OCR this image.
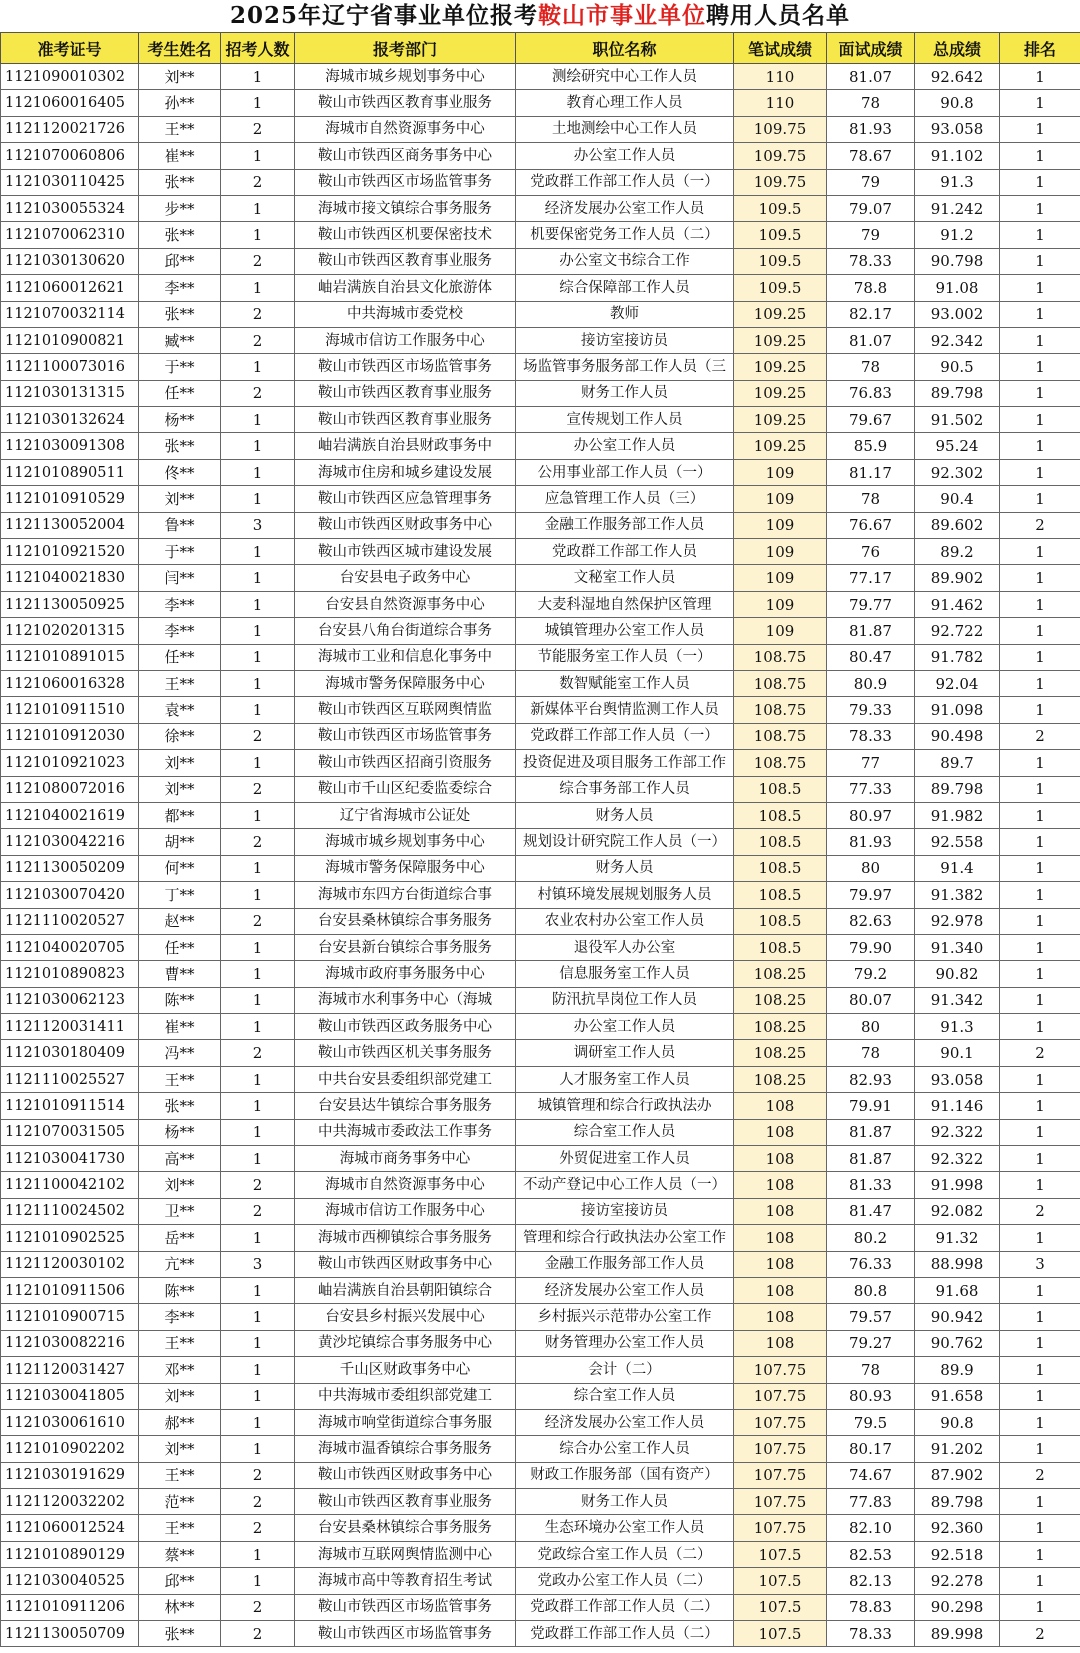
2025年辽宁省事业单位报考鞍山市事业单位聘用人员名单
准考证号	考生姓名	招考人数	报考部门	职位名称	笔试成绩	面试成绩	总成绩	排名
1121090010302	刘**	1	海城市城乡规划事务中心	测绘研究中心工作人员	110	81.07	92.642	1
1121060016405	孙**	1	鞍山市铁西区教育事业服务	教育心理工作人员	110	78	90.8	1
1121120021726	王**	2	海城市自然资源事务中心	土地测绘中心工作人员	109.75	81.93	93.058	1
1121070060806	崔**	1	鞍山市铁西区商务事务中心	办公室工作人员	109.75	78.67	91.102	1
1121030110425	张**	2	鞍山市铁西区市场监管事务	党政群工作部工作人员（一）	109.75	79	91.3	1
1121030055324	步**	1	海城市接文镇综合事务服务	经济发展办公室工作人员	109.5	79.07	91.242	1
1121070062310	张**	1	鞍山市铁西区机要保密技术	机要保密党务工作人员（二）	109.5	79	91.2	1
1121030130620	邱**	2	鞍山市铁西区教育事业服务	办公室文书综合工作	109.5	78.33	90.798	1
1121060012621	李**	1	岫岩满族自治县文化旅游体	综合保障部工作人员	109.5	78.8	91.08	1
1121070032114	张**	2	中共海城市委党校	教师	109.25	82.17	93.002	1
1121010900821	臧**	2	海城市信访工作服务中心	接访室接访员	109.25	81.07	92.342	1
1121100073016	于**	1	鞍山市铁西区市场监管事务	场监管事务服务部工作人员（三	109.25	78	90.5	1
1121030131315	任**	2	鞍山市铁西区教育事业服务	财务工作人员	109.25	76.83	89.798	1
1121030132624	杨**	1	鞍山市铁西区教育事业服务	宣传规划工作人员	109.25	79.67	91.502	1
1121030091308	张**	1	岫岩满族自治县财政事务中	办公室工作人员	109.25	85.9	95.24	1
1121010890511	佟**	1	海城市住房和城乡建设发展	公用事业部工作人员（一）	109	81.17	92.302	1
1121010910529	刘**	1	鞍山市铁西区应急管理事务	应急管理工作人员（三）	109	78	90.4	1
1121130052004	鲁**	3	鞍山市铁西区财政事务中心	金融工作服务部工作人员	109	76.67	89.602	2
1121010921520	于**	1	鞍山市铁西区城市建设发展	党政群工作部工作人员	109	76	89.2	1
1121040021830	闫**	1	台安县电子政务中心	文秘室工作人员	109	77.17	89.902	1
1121130050925	李**	1	台安县自然资源事务中心	大麦科湿地自然保护区管理	109	79.77	91.462	1
1121020201315	李**	1	台安县八角台街道综合事务	城镇管理办公室工作人员	109	81.87	92.722	1
1121010891015	任**	1	海城市工业和信息化事务中	节能服务室工作人员（一）	108.75	80.47	91.782	1
1121060016328	王**	1	海城市警务保障服务中心	数智赋能室工作人员	108.75	80.9	92.04	1
1121010911510	袁**	1	鞍山市铁西区互联网舆情监	新媒体平台舆情监测工作人员	108.75	79.33	91.098	1
1121010912030	徐**	2	鞍山市铁西区市场监管事务	党政群工作部工作人员（一）	108.75	78.33	90.498	2
1121010921023	刘**	1	鞍山市铁西区招商引资服务	投资促进及项目服务工作部工作	108.75	77	89.7	1
1121080072016	刘**	2	鞍山市千山区纪委监委综合	综合事务部工作人员	108.5	77.33	89.798	1
1121040021619	都**	1	辽宁省海城市公证处	财务人员	108.5	80.97	91.982	1
1121030042216	胡**	2	海城市城乡规划事务中心	规划设计研究院工作人员（一）	108.5	81.93	92.558	1
1121130050209	何**	1	海城市警务保障服务中心	财务人员	108.5	80	91.4	1
1121030070420	丁**	1	海城市东四方台街道综合事	村镇环境发展规划服务人员	108.5	79.97	91.382	1
1121110020527	赵**	2	台安县桑林镇综合事务服务	农业农村办公室工作人员	108.5	82.63	92.978	1
1121040020705	任**	1	台安县新台镇综合事务服务	退役军人办公室	108.5	79.90	91.340	1
1121010890823	曹**	1	海城市政府事务服务中心	信息服务室工作人员	108.25	79.2	90.82	1
1121030062123	陈**	1	海城市水利事务中心（海城	防汛抗旱岗位工作人员	108.25	80.07	91.342	1
1121120031411	崔**	1	鞍山市铁西区政务服务中心	办公室工作人员	108.25	80	91.3	1
1121030180409	冯**	2	鞍山市铁西区机关事务服务	调研室工作人员	108.25	78	90.1	2
1121110025527	王**	1	中共台安县委组织部党建工	人才服务室工作人员	108.25	82.93	93.058	1
1121010911514	张**	1	台安县达牛镇综合事务服务	城镇管理和综合行政执法办	108	79.91	91.146	1
1121070031505	杨**	1	中共海城市委政法工作事务	综合室工作人员	108	81.87	92.322	1
1121030041730	高**	1	海城市商务事务中心	外贸促进室工作人员	108	81.87	92.322	1
1121100042102	刘**	2	海城市自然资源事务中心	不动产登记中心工作人员（一）	108	81.33	91.998	1
1121110024502	卫**	2	海城市信访工作服务中心	接访室接访员	108	81.47	92.082	2
1121010902525	岳**	1	海城市西柳镇综合事务服务	管理和综合行政执法办公室工作	108	80.2	91.32	1
1121120030102	亢**	3	鞍山市铁西区财政事务中心	金融工作服务部工作人员	108	76.33	88.998	3
1121010911506	陈**	1	岫岩满族自治县朝阳镇综合	经济发展办公室工作人员	108	80.8	91.68	1
1121010900715	李**	1	台安县乡村振兴发展中心	乡村振兴示范带办公室工作	108	79.57	90.942	1
1121030082216	王**	1	黄沙坨镇综合事务服务中心	财务管理办公室工作人员	108	79.27	90.762	1
1121120031427	邓**	1	千山区财政事务中心	会计（二）	107.75	78	89.9	1
1121030041805	刘**	1	中共海城市委组织部党建工	综合室工作人员	107.75	80.93	91.658	1
1121030061610	郝**	1	海城市响堂街道综合事务服	经济发展办公室工作人员	107.75	79.5	90.8	1
1121010902202	刘**	1	海城市温香镇综合事务服务	综合办公室工作人员	107.75	80.17	91.202	1
1121030191629	王**	2	鞍山市铁西区财政事务中心	财政工作服务部（国有资产）	107.75	74.67	87.902	2
1121120032202	范**	2	鞍山市铁西区教育事业服务	财务工作人员	107.75	77.83	89.798	1
1121060012524	王**	2	台安县桑林镇综合事务服务	生态环境办公室工作人员	107.75	82.10	92.360	1
1121010890129	蔡**	1	海城市互联网舆情监测中心	党政综合室工作人员（二）	107.5	82.53	92.518	1
1121030040525	邱**	1	海城市高中等教育招生考试	党政办公室工作人员（二）	107.5	82.13	92.278	1
1121010911206	林**	2	鞍山市铁西区市场监管事务	党政群工作部工作人员（二）	107.5	78.83	90.298	1
1121130050709	张**	2	鞍山市铁西区市场监管事务	党政群工作部工作人员（二）	107.5	78.33	89.998	2
